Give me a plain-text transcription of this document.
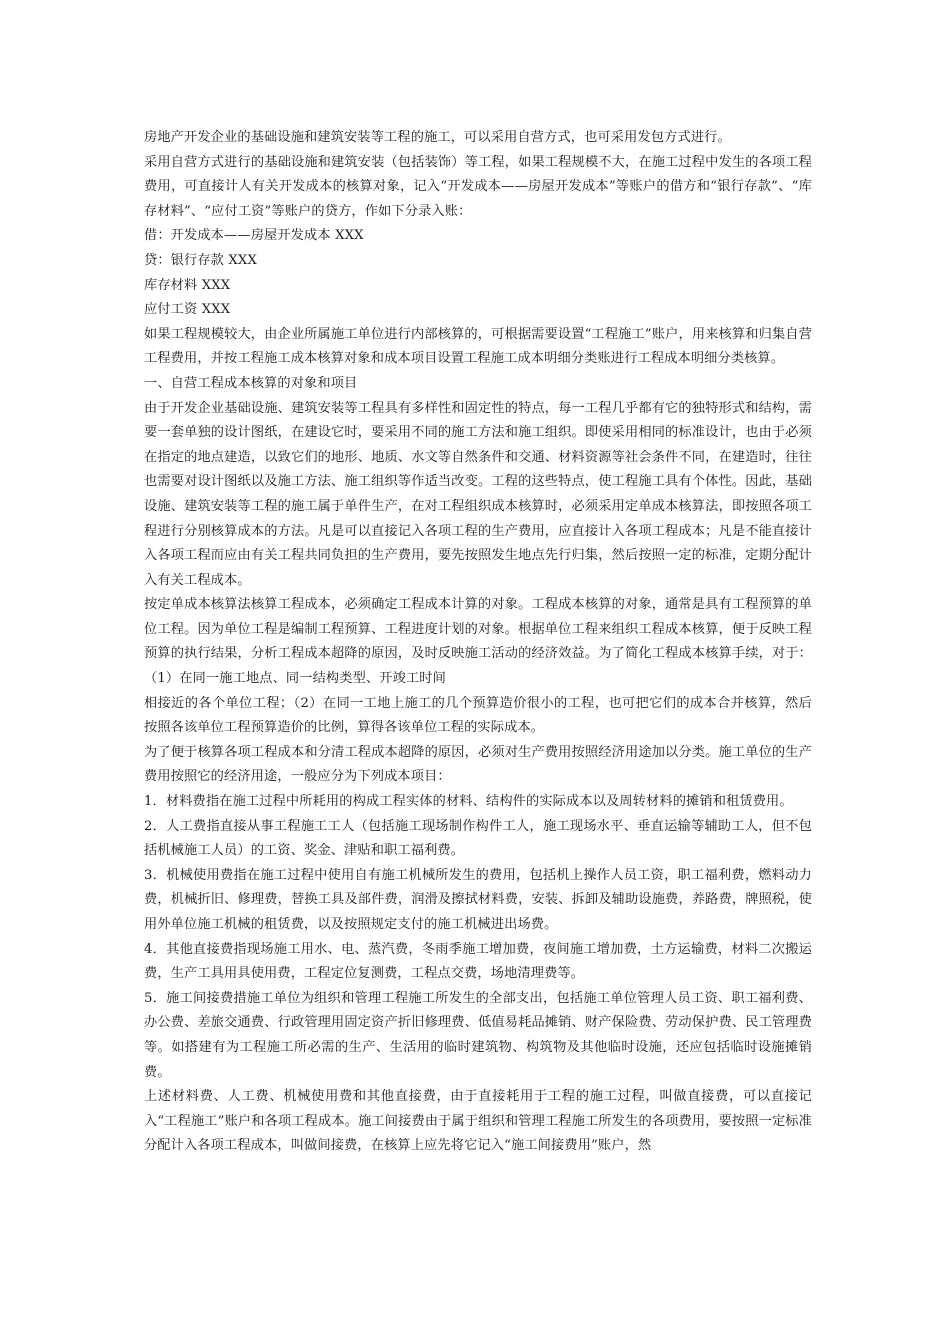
房地产开发企业的基础设施和建筑安装等工程的施工，可以采用自营方式，也可采用发包方式进行。

采用自营方式进行的基础设施和建筑安装（包括装饰）等工程，如果工程规模不大，在施工过程中发生的各项工程费用，可直接计人有关开发成本的核算对象，记入“开发成本——房屋开发成本”等账户的借方和“银行存款”、“库存材料”、“应付工资”等账户的贷方，作如下分录入账：

借：开发成本——房屋开发成本 XXX

贷：银行存款 XXX

库存材料 XXX

应付工资 XXX

如果工程规模较大，由企业所属施工单位进行内部核算的，可根据需要设置“工程施工”账户，用来核算和归集自营工程费用，并按工程施工成本核算对象和成本项目设置工程施工成本明细分类账进行工程成本明细分类核算。

一、自营工程成本核算的对象和项目

由于开发企业基础设施、建筑安装等工程具有多样性和固定性的特点，每一工程几乎都有它的独特形式和结构，需要一套单独的设计图纸，在建设它时，要采用不同的施工方法和施工组织。即使采用相同的标准设计，也由于必须在指定的地点建造，以致它们的地形、地质、水文等自然条件和交通、材料资源等社会条件不同，在建造时，往往也需要对设计图纸以及施工方法、施工组织等作适当改变。工程的这些特点，使工程施工具有个体性。因此，基础设施、建筑安装等工程的施工属于单件生产，在对工程组织成本核算时，必须采用定单成本核算法，即按照各项工程进行分别核算成本的方法。凡是可以直接记入各项工程的生产费用，应直接计入各项工程成本；凡是不能直接计入各项工程而应由有关工程共同负担的生产费用，要先按照发生地点先行归集，然后按照一定的标准，定期分配计入有关工程成本。

按定单成本核算法核算工程成本，必须确定工程成本计算的对象。工程成本核算的对象，通常是具有工程预算的单位工程。因为单位工程是编制工程预算、工程进度计划的对象。根据单位工程来组织工程成本核算，便于反映工程预算的执行结果，分析工程成本超降的原因，及时反映施工活动的经济效益。为了简化工程成本核算手续，对于：（1）在同一施工地点、同一结构类型、开竣工时间

相接近的各个单位工程；（2）在同一工地上施工的几个预算造价很小的工程，也可把它们的成本合并核算，然后按照各该单位工程预算造价的比例，算得各该单位工程的实际成本。

为了便于核算各项工程成本和分清工程成本超降的原因，必须对生产费用按照经济用途加以分类。施工单位的生产费用按照它的经济用途，一般应分为下列成本项目：

1．材料费指在施工过程中所耗用的构成工程实体的材料、结构件的实际成本以及周转材料的摊销和租赁费用。

2．人工费指直接从事工程施工工人（包括施工现场制作构件工人，施工现场水平、垂直运输等辅助工人，但不包括机械施工人员）的工资、奖金、津贴和职工福利费。

3．机械使用费指在施工过程中使用自有施工机械所发生的费用，包括机上操作人员工资，职工福利费，燃料动力费，机械折旧、修理费，替换工具及部件费，润滑及擦拭材料费，安装、拆卸及辅助设施费，养路费，牌照税，使用外单位施工机械的租赁费，以及按照规定支付的施工机械进出场费。

4．其他直接费指现场施工用水、电、蒸汽费，冬雨季施工增加费，夜间施工增加费，土方运输费，材料二次搬运费，生产工具用具使用费，工程定位复测费，工程点交费，场地清理费等。

5．施工间接费措施工单位为组织和管理工程施工所发生的全部支出，包括施工单位管理人员工资、职工福利费、办公费、差旅交通费、行政管理用固定资产折旧修理费、低值易耗品摊销、财产保险费、劳动保护费、民工管理费等。如搭建有为工程施工所必需的生产、生活用的临时建筑物、构筑物及其他临时设施，还应包括临时设施摊销费。

上述材料费、人工费、机械使用费和其他直接费，由于直接耗用于工程的施工过程，叫做直接费，可以直接记入“工程施工”账户和各项工程成本。施工间接费由于属于组织和管理工程施工所发生的各项费用，要按照一定标准分配计入各项工程成本，叫做间接费，在核算上应先将它记入“施工间接费用”账户，然
